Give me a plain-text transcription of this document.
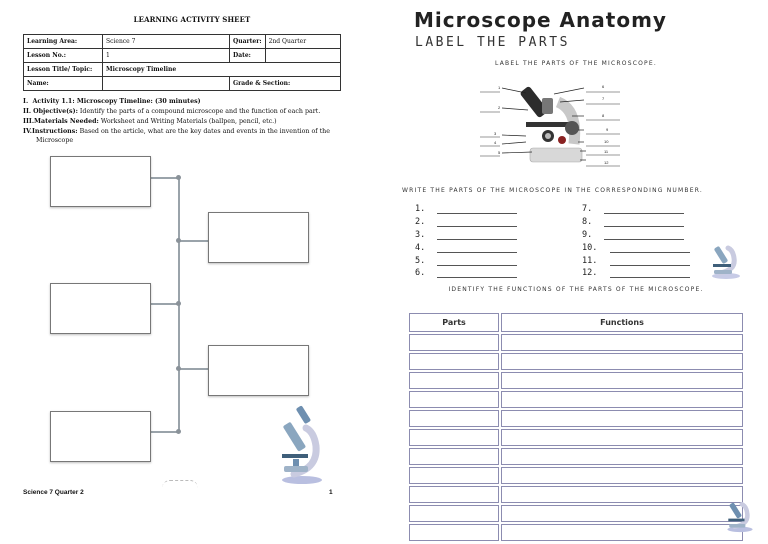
LEARNING ACTIVITY SHEET
Learning Area:	Science 7	Quarter:	2nd Quarter
Lesson No.:	1	Date:	
Lesson Title/ Topic:	Microscopy Timeline		
Name:		Grade & Section:	
I. Activity 1.1: Microscopy Timeline: (30 minutes)
II. Objective(s): Identify the parts of a compound microscope and the function of each part.
III.Materials Needed: Worksheet and Writing Materials (ballpen, pencil, etc.)
IV.Instructions: Based on the article, what are the key dates and events in the invention of the
Microscope
Science 7 Quarter 2	1
Microscope Anatomy
LABEL THE PARTS
LABEL THE PARTS OF THE MICROSCOPE.
1
2
3
4
5
6
7
8
9
10
11
12
WRITE THE PARTS OF THE MICROSCOPE IN THE CORRESPONDING NUMBER.
1.
2.
3.
4.
5.
6.
7.
8.
9.
10.
11.
12.
IDENTIFY THE FUNCTIONS OF THE PARTS OF THE MICROSCOPE.
Parts	Functions
